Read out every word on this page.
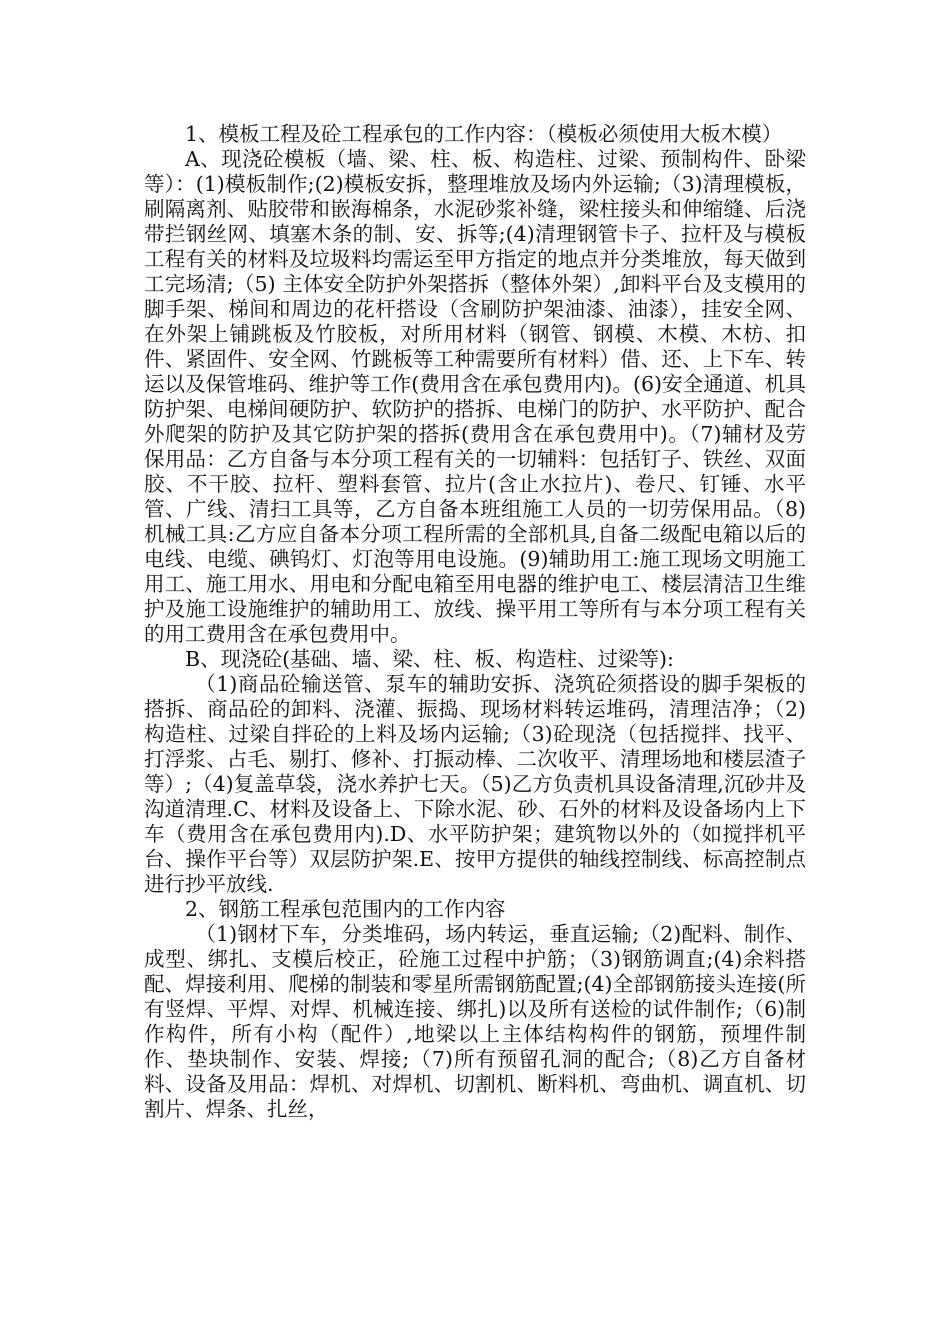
1、模板工程及砼工程承包的工作内容：（模板必须使用大板木模）

A、现浇砼模板（墙、梁、柱、板、构造柱、过梁、预制构件、卧梁等）：(1)模板制作;(2)模板安拆，整理堆放及场内外运输;（3)清理模板，刷隔离剂、贴胶带和嵌海棉条，水泥砂浆补缝，梁柱接头和伸缩缝、后浇带拦钢丝网、填塞木条的制、安、拆等;(4)清理钢管卡子、拉杆及与模板工程有关的材料及垃圾料均需运至甲方指定的地点并分类堆放，每天做到工完场清;（5) 主体安全防护外架搭拆（整体外架）,卸料平台及支模用的脚手架、梯间和周边的花杆搭设（含刷防护架油漆、油漆），挂安全网、在外架上铺跳板及竹胶板，对所用材料（钢管、钢模、木模、木枋、扣件、紧固件、安全网、竹跳板等工种需要所有材料）借、还、上下车、转运以及保管堆码、维护等工作(费用含在承包费用内)。(6)安全通道、机具防护架、电梯间硬防护、软防护的搭拆、电梯门的防护、水平防护、配合外爬架的防护及其它防护架的搭拆(费用含在承包费用中)。（7)辅材及劳保用品：乙方自备与本分项工程有关的一切辅料：包括钉子、铁丝、双面胶、不干胶、拉杆、塑料套管、拉片(含止水拉片)、卷尺、钉锤、水平管、广线、清扫工具等，乙方自备本班组施工人员的一切劳保用品。（8)机械工具:乙方应自备本分项工程所需的全部机具,自备二级配电箱以后的电线、电缆、碘钨灯、灯泡等用电设施。(9)辅助用工:施工现场文明施工用工、施工用水、用电和分配电箱至用电器的维护电工、楼层清洁卫生维护及施工设施维护的辅助用工、放线、操平用工等所有与本分项工程有关的用工费用含在承包费用中。

B、现浇砼(基础、墙、梁、柱、板、构造柱、过梁等):

（1)商品砼输送管、泵车的辅助安拆、浇筑砼须搭设的脚手架板的搭拆、商品砼的卸料、浇灌、振捣、现场材料转运堆码，清理洁净；（2)构造柱、过梁自拌砼的上料及场内运输;（3)砼现浇（包括搅拌、找平、打浮浆、占毛、剔打、修补、打振动棒、二次收平、清理场地和楼层渣子等）;（4)复盖草袋，浇水养护七天。（5)乙方负责机具设备清理,沉砂井及沟道清理.C、材料及设备上、下除水泥、砂、石外的材料及设备场内上下车（费用含在承包费用内).D、水平防护架；建筑物以外的（如搅拌机平台、操作平台等）双层防护架.E、按甲方提供的轴线控制线、标高控制点进行抄平放线.

2、钢筋工程承包范围内的工作内容

（1)钢材下车，分类堆码，场内转运，垂直运输;（2)配料、制作、成型、绑扎、支模后校正，砼施工过程中护筋；（3)钢筋调直;(4)余料搭配、焊接利用、爬梯的制装和零星所需钢筋配置;(4)全部钢筋接头连接(所有竖焊、平焊、对焊、机械连接、绑扎)以及所有送检的试件制作;（6)制作构件，所有小构（配件）,地梁以上主体结构构件的钢筋，预埋件制作、垫块制作、安装、焊接;（7)所有预留孔洞的配合;（8)乙方自备材料、设备及用品：焊机、对焊机、切割机、断料机、弯曲机、调直机、切割片、焊条、扎丝，
